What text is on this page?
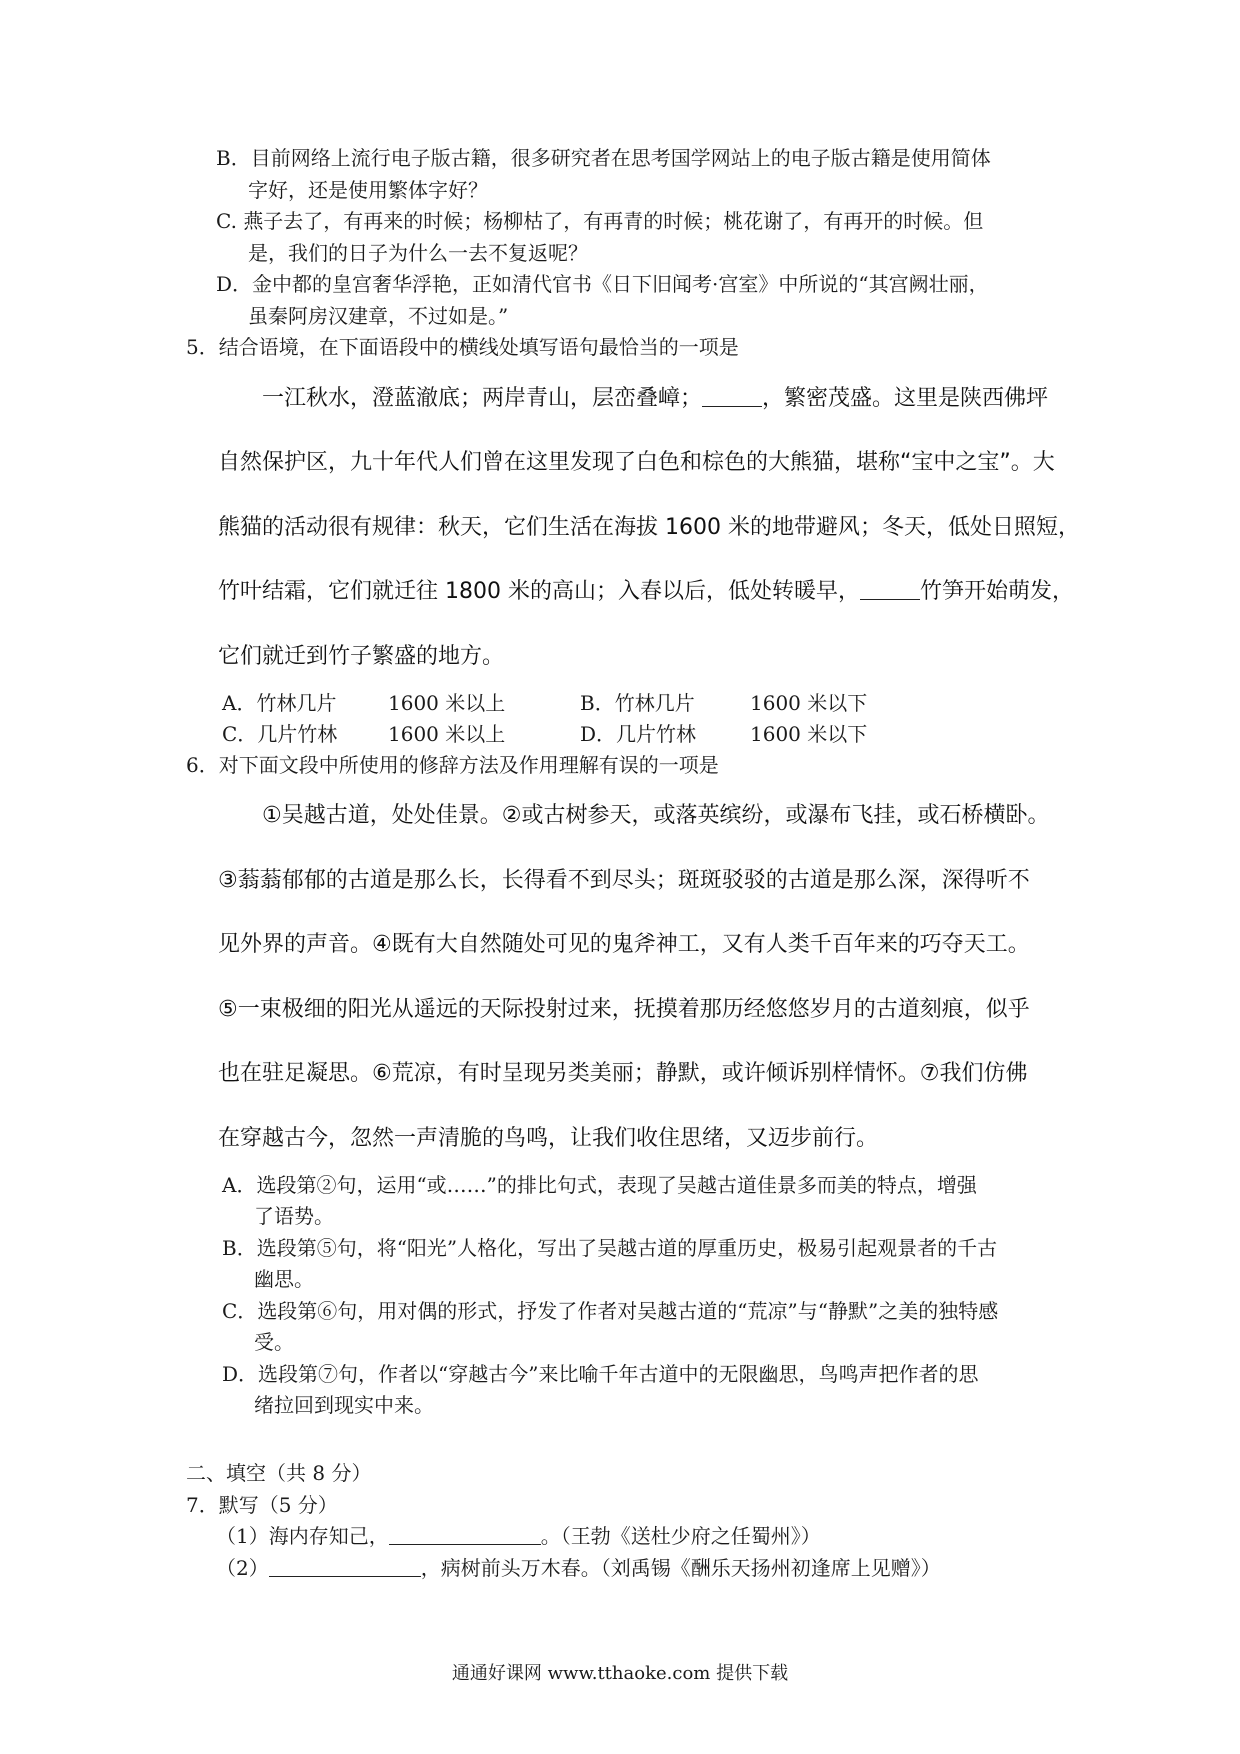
B．目前网络上流行电子版古籍，很多研究者在思考国学网站上的电子版古籍是使用简体
字好，还是使用繁体字好？
C. 燕子去了，有再来的时候；杨柳枯了，有再青的时候；桃花谢了，有再开的时候。但
是，我们的日子为什么一去不复返呢？
D．金中都的皇宫奢华浮艳，正如清代官书《日下旧闻考·宫室》中所说的“其宫阙壮丽，
虽秦阿房汉建章，不过如是。”
5．结合语境，在下面语段中的横线处填写语句最恰当的一项是
一江秋水，澄蓝澈底；两岸青山，层峦叠嶂；	，繁密茂盛。这里是陕西佛坪
自然保护区，九十年代人们曾在这里发现了白色和棕色的大熊猫，堪称“宝中之宝”。大
熊猫的活动很有规律：秋天，它们生活在海拔 1600 米的地带避风；冬天，低处日照短，
竹叶结霜，它们就迁往 1800 米的高山；入春以后，低处转暖早，	竹笋开始萌发，
它们就迁到竹子繁盛的地方。
A．竹林几片	1600 米以上	B．竹林几片	1600 米以下
C．几片竹林	1600 米以上	D．几片竹林	1600 米以下
6．对下面文段中所使用的修辞方法及作用理解有误的一项是
①吴越古道，处处佳景。②或古树参天，或落英缤纷，或瀑布飞挂，或石桥横卧。
③蓊蓊郁郁的古道是那么长，长得看不到尽头；斑斑驳驳的古道是那么深，深得听不
见外界的声音。④既有大自然随处可见的鬼斧神工，又有人类千百年来的巧夺天工。
⑤一束极细的阳光从遥远的天际投射过来，抚摸着那历经悠悠岁月的古道刻痕，似乎
也在驻足凝思。⑥荒凉，有时呈现另类美丽；静默，或许倾诉别样情怀。⑦我们仿佛
在穿越古今，忽然一声清脆的鸟鸣，让我们收住思绪，又迈步前行。
A．选段第②句，运用“或……”的排比句式，表现了吴越古道佳景多而美的特点，增强
了语势。
B．选段第⑤句，将“阳光”人格化，写出了吴越古道的厚重历史，极易引起观景者的千古
幽思。
C．选段第⑥句，用对偶的形式，抒发了作者对吴越古道的“荒凉”与“静默”之美的独特感
受。
D．选段第⑦句，作者以“穿越古今”来比喻千年古道中的无限幽思，鸟鸣声把作者的思
绪拉回到现实中来。
二、填空（共 8 分）
7．默写（5 分）
（1）海内存知己，	。（王勃《送杜少府之任蜀州》）
（2）	，病树前头万木春。（刘禹锡《酬乐天扬州初逢席上见赠》）
通通好课网 www.tthaoke.com 提供下载
